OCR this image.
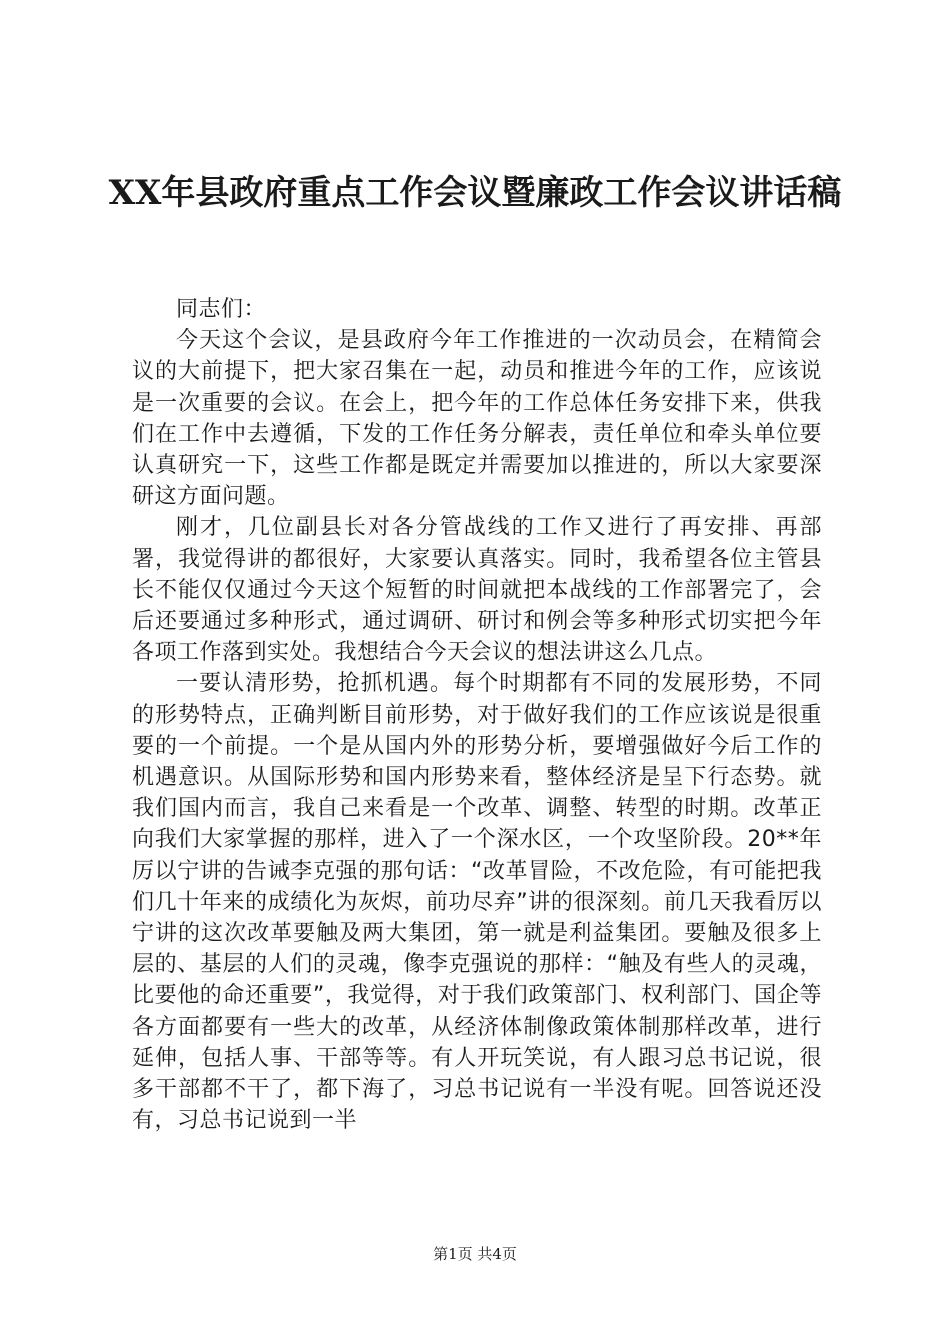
XX年县政府重点工作会议暨廉政工作会议讲话稿

同志们：

今天这个会议，是县政府今年工作推进的一次动员会，在精简会议的大前提下，把大家召集在一起，动员和推进今年的工作，应该说是一次重要的会议。在会上，把今年的工作总体任务安排下来，供我们在工作中去遵循，下发的工作任务分解表，责任单位和牵头单位要认真研究一下，这些工作都是既定并需要加以推进的，所以大家要深研这方面问题。

刚才，几位副县长对各分管战线的工作又进行了再安排、再部署，我觉得讲的都很好，大家要认真落实。同时，我希望各位主管县长不能仅仅通过今天这个短暂的时间就把本战线的工作部署完了，会后还要通过多种形式，通过调研、研讨和例会等多种形式切实把今年各项工作落到实处。我想结合今天会议的想法讲这么几点。

一要认清形势，抢抓机遇。每个时期都有不同的发展形势，不同的形势特点，正确判断目前形势，对于做好我们的工作应该说是很重要的一个前提。一个是从国内外的形势分析，要增强做好今后工作的机遇意识。从国际形势和国内形势来看，整体经济是呈下行态势。就我们国内而言，我自己来看是一个改革、调整、转型的时期。改革正向我们大家掌握的那样，进入了一个深水区，一个攻坚阶段。20**年厉以宁讲的告诫李克强的那句话：“改革冒险，不改危险，有可能把我们几十年来的成绩化为灰烬，前功尽弃”讲的很深刻。前几天我看厉以宁讲的这次改革要触及两大集团，第一就是利益集团。要触及很多上层的、基层的人们的灵魂，像李克强说的那样：“触及有些人的灵魂，比要他的命还重要”，我觉得，对于我们政策部门、权利部门、国企等各方面都要有一些大的改革，从经济体制像政策体制那样改革，进行延伸，包括人事、干部等等。有人开玩笑说，有人跟习总书记说，很多干部都不干了，都下海了，习总书记说有一半没有呢。回答说还没有，习总书记说到一半

第1页 共4页
